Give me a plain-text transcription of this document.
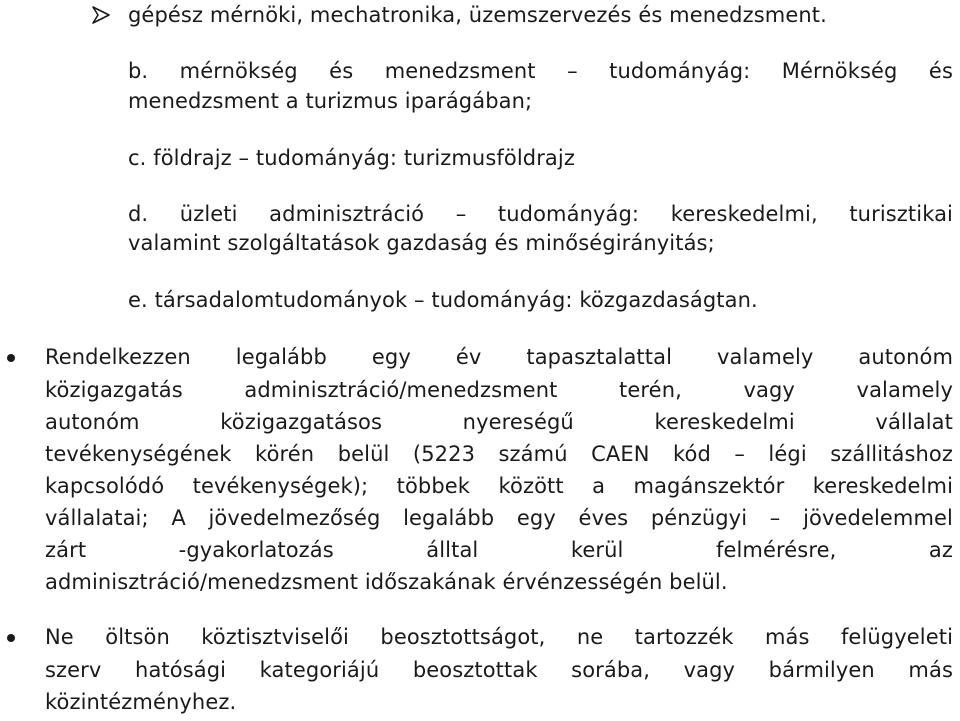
gépész mérnöki, mechatronika, üzemszervezés és menedzsment.
b. mérnökség és menedzsment – tudományág: Mérnökség és
menedzsment a turizmus iparágában;
c. földrajz – tudományág: turizmusföldrajz
d. üzleti adminisztráció – tudományág: kereskedelmi, turisztikai
valamint szolgáltatások gazdaság és minőségirányitás;
e. társadalomtudományok – tudományág: közgazdaságtan.
Rendelkezzen legalább egy év tapasztalattal valamely autonóm
közigazgatás adminisztráció/menedzsment terén, vagy valamely
autonóm közigazgatásos nyereségű kereskedelmi vállalat
tevékenységének körén belül (5223 számú CAEN kód – légi szállitáshoz
kapcsolódó tevékenységek); többek között a magánszektór kereskedelmi
vállalatai; A jövedelmezőség legalább egy éves pénzügyi – jövedelemmel
zárt -gyakorlatozás álltal kerül felmérésre, az
adminisztráció/menedzsment időszakának érvénzességén belül.
Ne öltsön köztisztviselői beosztottságot, ne tartozzék más felügyeleti
szerv hatósági kategoriájú beosztottak sorába, vagy bármilyen más
közintézményhez.
